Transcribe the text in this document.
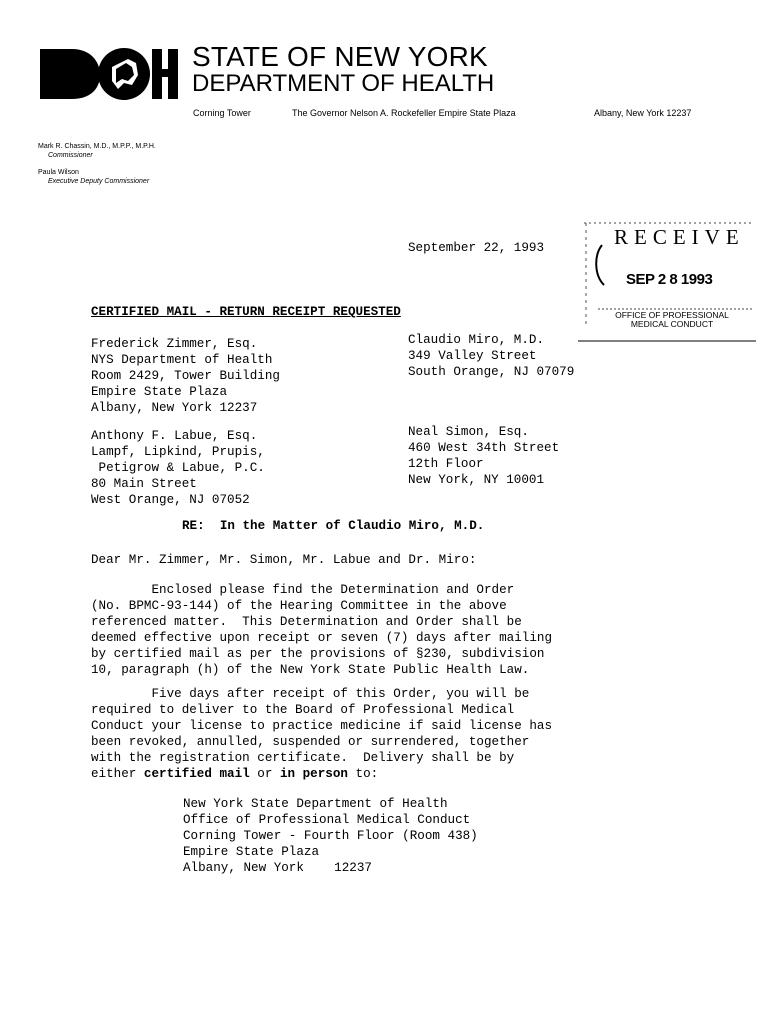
STATE OF NEW YORK
DEPARTMENT OF HEALTH
Corning Tower	The Governor Nelson A. Rockefeller Empire State Plaza	Albany, New York 12237
Mark R. Chassin, M.D., M.P.P., M.P.H.
Commissioner
Paula Wilson
Executive Deputy Commissioner
September 22, 1993	RECEIVE
SEP 2 8 1993
OFFICE OF PROFESSIONAL
MEDICAL CONDUCT
CERTIFIED MAIL - RETURN RECEIPT REQUESTED
Frederick Zimmer, Esq.
NYS Department of Health
Room 2429, Tower Building
Empire State Plaza
Albany, New York 12237
Claudio Miro, M.D.
349 Valley Street
South Orange, NJ 07079
Anthony F. Labue, Esq.
Lampf, Lipkind, Prupis,
Petigrow & Labue, P.C.
80 Main Street
West Orange, NJ 07052
Neal Simon, Esq.
460 West 34th Street
12th Floor
New York, NY 10001
RE: In the Matter of Claudio Miro, M.D.
Dear Mr. Zimmer, Mr. Simon, Mr. Labue and Dr. Miro:
Enclosed please find the Determination and Order
(No. BPMC-93-144) of the Hearing Committee in the above
referenced matter.  This Determination and Order shall be
deemed effective upon receipt or seven (7) days after mailing
by certified mail as per the provisions of §230, subdivision
10, paragraph (h) of the New York State Public Health Law.
Five days after receipt of this Order, you will be
required to deliver to the Board of Professional Medical
Conduct your license to practice medicine if said license has
been revoked, annulled, suspended or surrendered, together
with the registration certificate.  Delivery shall be by
either certified mail or in person to:
New York State Department of Health
Office of Professional Medical Conduct
Corning Tower - Fourth Floor (Room 438)
Empire State Plaza
Albany, New York    12237
